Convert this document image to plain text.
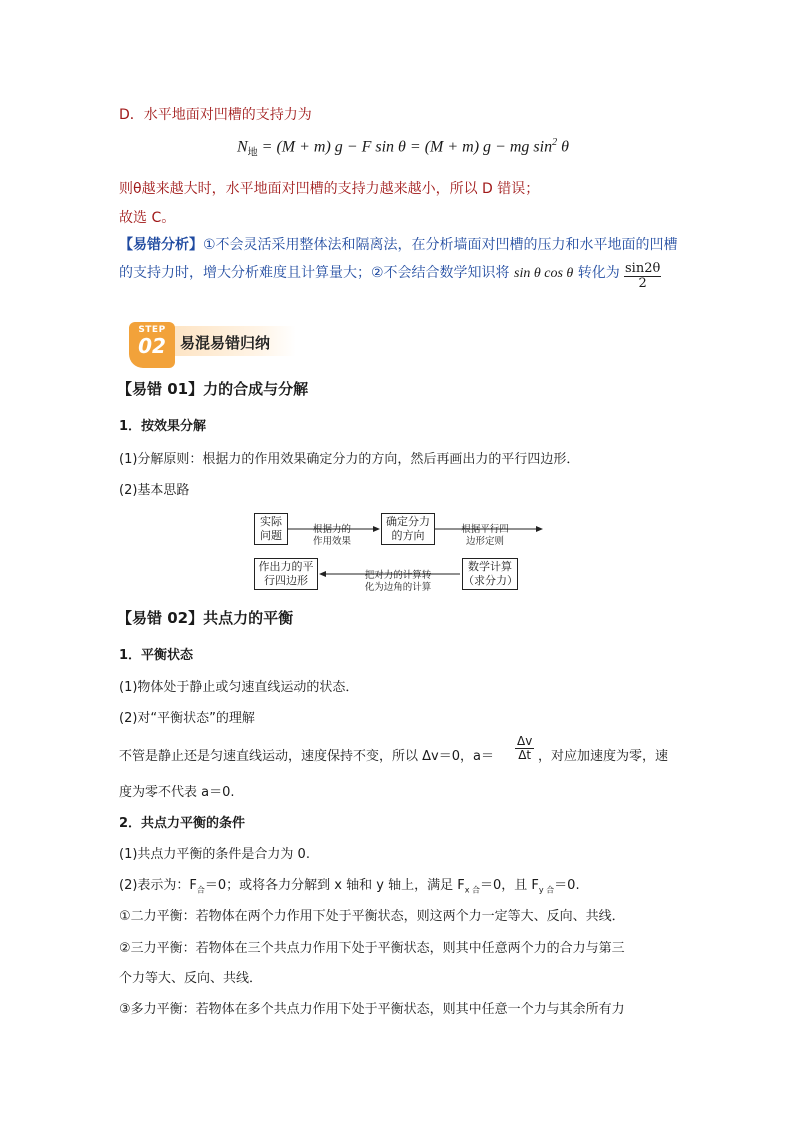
D．水平地面对凹槽的支持力为
$N_地 = (M + m) g - F$ sin θ = (M + m) g − mg $\sin^2 \theta$
则θ越来越大时，水平地面对凹槽的支持力越来越小，所以 D 错误；
故选 C。
【易错分析】①不会灵活采用整体法和隔离法，在分析墙面对凹槽的压力和水平地面的凹槽
的支持力时，增大分析难度且计算量大；②不会结合数学知识将 sin θ cos θ 转化为 $\frac{\sin 2\theta}{2}$
易混易错归纳
STEP
02
【易错 01】力的合成与分解
1．按效果分解
(1)分解原则：根据力的作用效果确定分力的方向，然后再画出力的平行四边形．
(2)基本思路
实际
问题	根据力的
作用效果
确定分力
的方向	根据平行四
边形定则
作出力的平
行四边形	把对力的计算转
化为边角的计算
数学计算
（求分力）
【易错 02】共点力的平衡
1．平衡状态
(1)物体处于静止或匀速直线运动的状态．
(2)对“平衡状态”的理解
不管是静止还是匀速直线运动，速度保持不变，所以 Δv＝0，$a= \frac{\Delta v}{\Delta t}$ ，对应加速度为零，速
度为零不代表 a＝0.
2．共点力平衡的条件
(1)共点力平衡的条件是合力为 0.
(2)表示为：$F_合=0$；或将各力分解到 x 轴和 y 轴上，满足 $F_{x 合}=0$，且 $F_{y 合}=0$.
①二力平衡：若物体在两个力作用下处于平衡状态，则这两个力一定等大、反向、共线．
②三力平衡：若物体在三个共点力作用下处于平衡状态，则其中任意两个力的合力与第三
个力等大、反向、共线．
③多力平衡：若物体在多个共点力作用下处于平衡状态，则其中任意一个力与其余所有力
